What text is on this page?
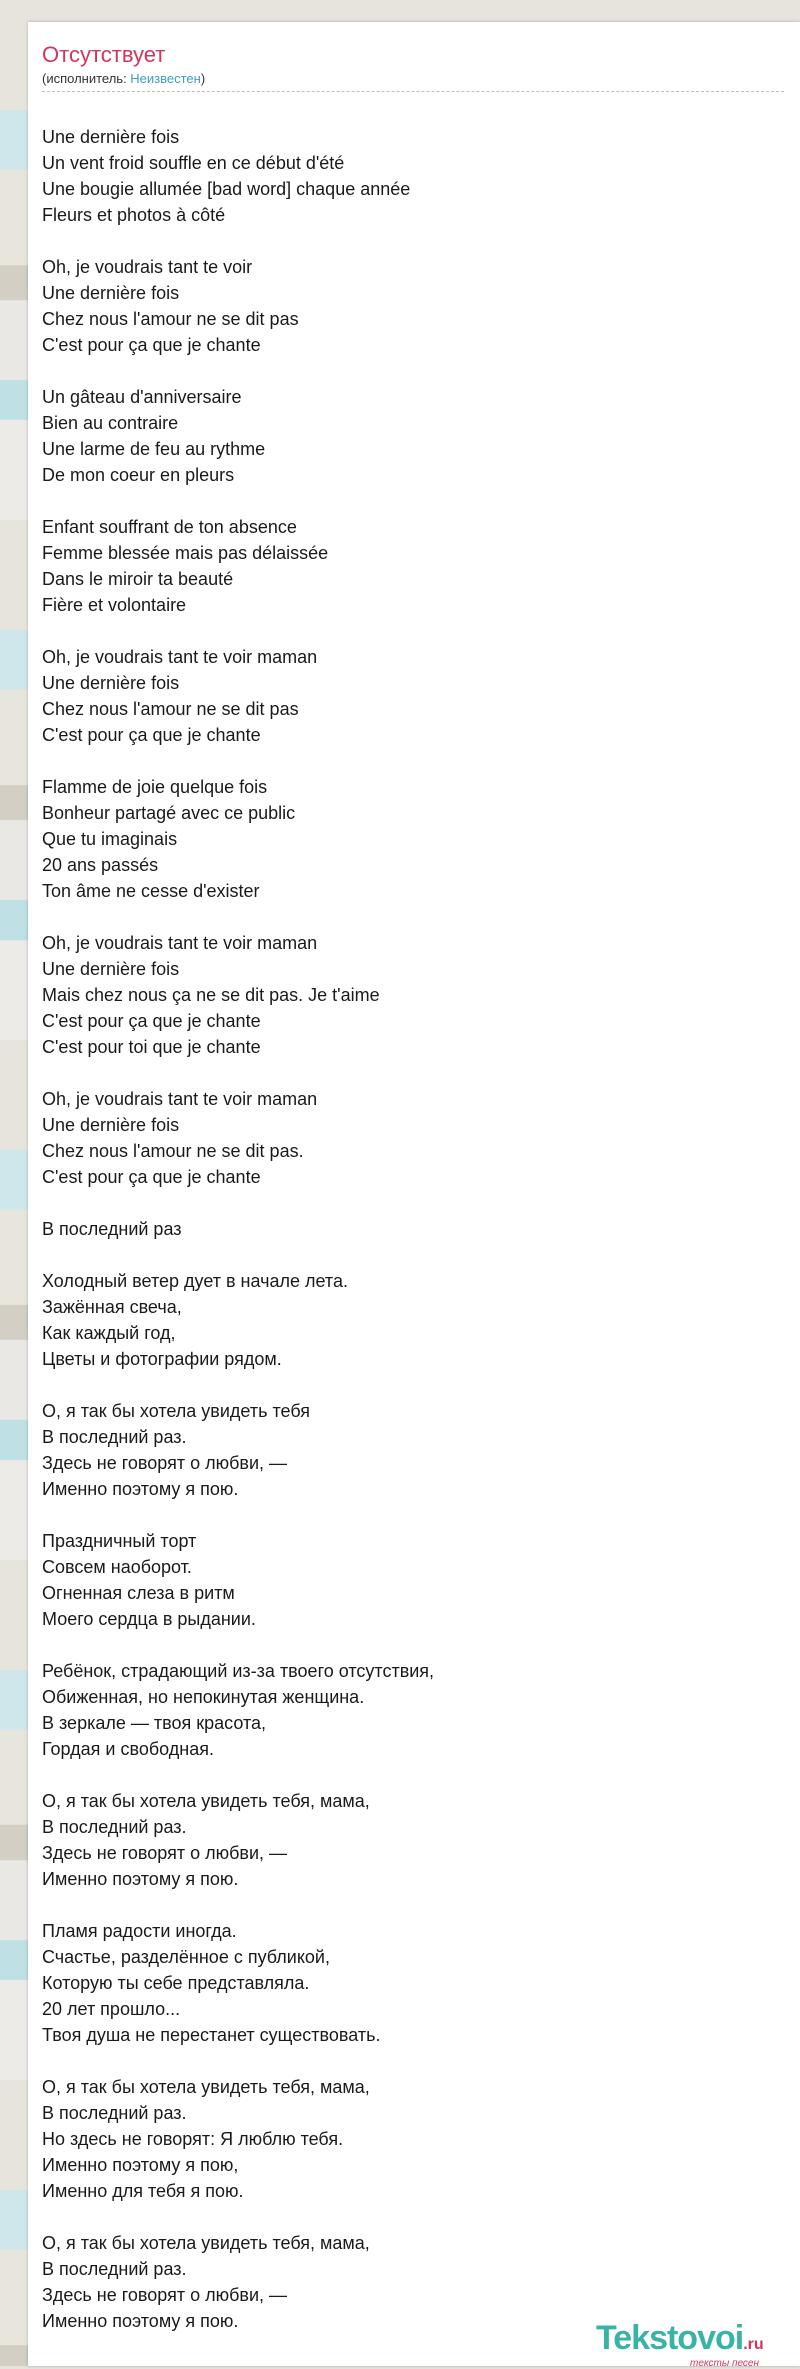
Отсутствует
(исполнитель: Неизвестен)
Une dernière fois
Un vent froid souffle en ce début d'été
Une bougie allumée [bad word] chaque année
Fleurs et photos à côté
Oh, je voudrais tant te voir
Une dernière fois
Chez nous l'amour ne se dit pas
C'est pour ça que je chante
Un gâteau d'anniversaire
Bien au contraire
Une larme de feu au rythme
De mon coeur en pleurs
Enfant souffrant de ton absence
Femme blessée mais pas délaissée
Dans le miroir ta beauté
Fière et volontaire
Oh, je voudrais tant te voir maman
Une dernière fois
Chez nous l'amour ne se dit pas
C'est pour ça que je chante
Flamme de joie quelque fois
Bonheur partagé avec ce public
Que tu imaginais
20 ans passés
Ton âme ne cesse d'exister
Oh, je voudrais tant te voir maman
Une dernière fois
Mais chez nous ça ne se dit pas. Je t'aime
C'est pour ça que je chante
C'est pour toi que je chante
Oh, je voudrais tant te voir maman
Une dernière fois
Chez nous l'amour ne se dit pas.
C'est pour ça que je chante
В последний раз
Холодный ветер дует в начале лета.
Зажённая свеча,
Как каждый год,
Цветы и фотографии рядом.
О, я так бы хотела увидеть тебя
В последний раз.
Здесь не говорят о любви, —
Именно поэтому я пою.
Праздничный торт
Совсем наоборот.
Огненная слеза в ритм
Моего сердца в рыдании.
Ребёнок, страдающий из-за твоего отсутствия,
Обиженная, но непокинутая женщина.
В зеркале — твоя красота,
Гордая и свободная.
О, я так бы хотела увидеть тебя, мама,
В последний раз.
Здесь не говорят о любви, —
Именно поэтому я пою.
Пламя радости иногда.
Счастье, разделённое с публикой,
Которую ты себе представляла.
20 лет прошло...
Твоя душа не перестанет существовать.
О, я так бы хотела увидеть тебя, мама,
В последний раз.
Но здесь не говорят: Я люблю тебя.
Именно поэтому я пою,
Именно для тебя я пою.
О, я так бы хотела увидеть тебя, мама,
В последний раз.
Здесь не говорят о любви, —
Именно поэтому я пою.	Tekstovoi.ru
тексты песен
